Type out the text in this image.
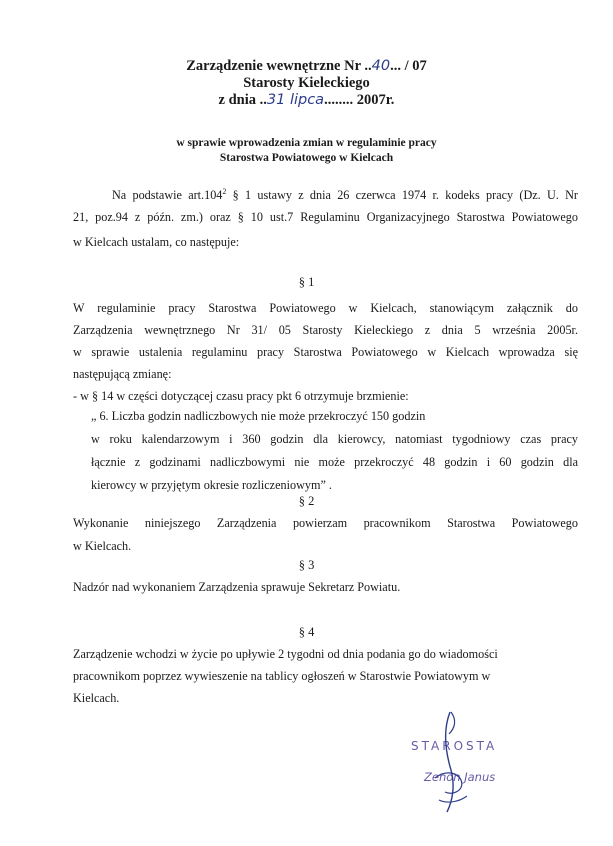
Zarządzenie wewnętrzne Nr ..40... / 07
Starosty Kieleckiego
z dnia ..31 lipca........ 2007r.
w sprawie wprowadzenia zmian w regulaminie pracy
Starostwa Powiatowego w Kielcach
Na podstawie art.104$^2$ § 1 ustawy z dnia 26 czerwca 1974 r. kodeks pracy (Dz. U. Nr
21, poz.94 z późn. zm.) oraz § 10 ust.7 Regulaminu Organizacyjnego Starostwa Powiatowego
w Kielcach ustalam, co następuje:
§ 1
W regulaminie pracy Starostwa Powiatowego w Kielcach, stanowiącym załącznik do
Zarządzenia wewnętrznego Nr 31/ 05 Starosty Kieleckiego z dnia 5 września 2005r.
w sprawie ustalenia regulaminu pracy Starostwa Powiatowego w Kielcach wprowadza się
następującą zmianę:
- w § 14 w części dotyczącej czasu pracy pkt 6 otrzymuje brzmienie:
„ 6. Liczba godzin nadliczbowych nie może przekroczyć 150 godzin
w roku kalendarzowym i 360 godzin dla kierowcy, natomiast tygodniowy czas pracy
łącznie z godzinami nadliczbowymi nie może przekroczyć 48 godzin i 60 godzin dla
kierowcy w przyjętym okresie rozliczeniowym” .
§ 2
Wykonanie niniejszego Zarządzenia powierzam pracownikom Starostwa Powiatowego
w Kielcach.
§ 3
Nadzór nad wykonaniem Zarządzenia sprawuje Sekretarz Powiatu.
§ 4
Zarządzenie wchodzi w życie po upływie 2 tygodni od dnia podania go do wiadomości
pracownikom poprzez wywieszenie na tablicy ogłoszeń w Starostwie Powiatowym w
Kielcach.
STAROSTA
Zenon Janus
